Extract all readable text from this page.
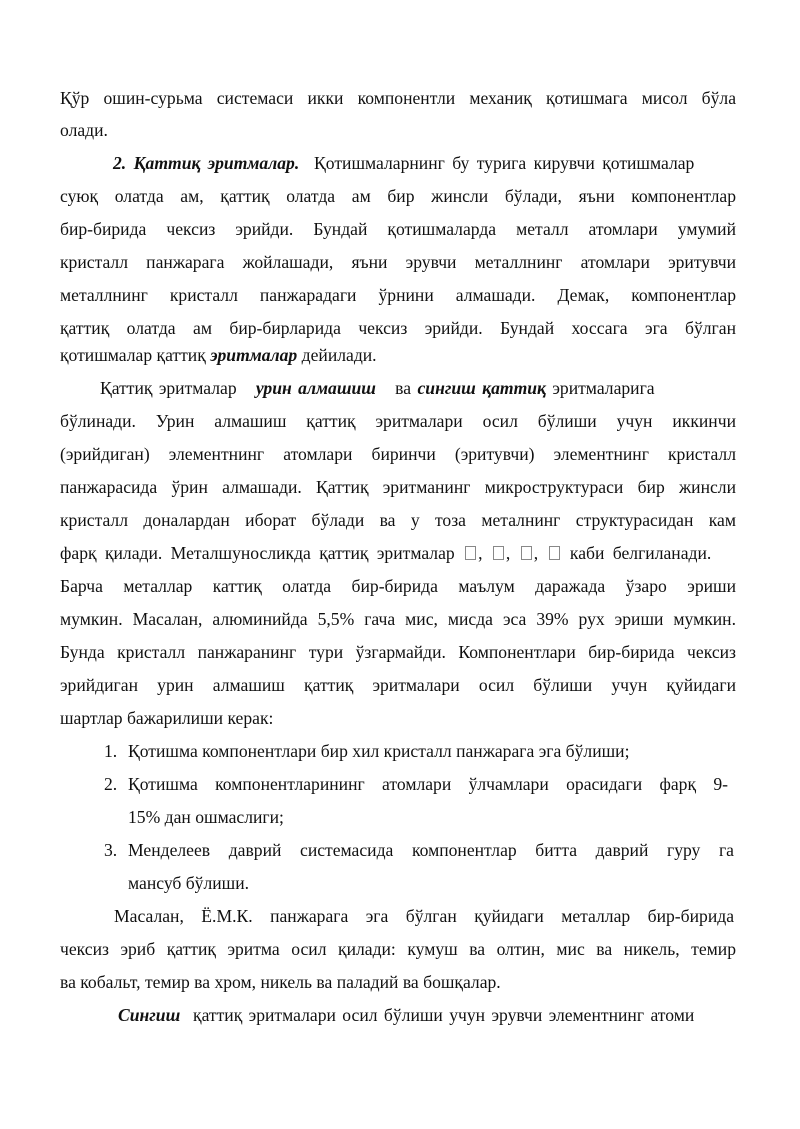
Қўр ошин-сурьма системаси икки компонентли механиқ қотишмага мисол бўла
олади.
2. Қаттиқ эритмалар. Қотишмаларнинг бу турига кирувчи қотишмалар
суюқ олатда ам, қаттиқ олатда ам бир жинсли бўлади, яъни компонентлар
бир-бирида чексиз эрийди. Бундай қотишмаларда металл атомлари умумий
кристалл панжарага жойлашади, яъни эрувчи металлнинг атомлари эритувчи
металлнинг кристалл панжарадаги ўрнини алмашади. Демак, компонентлар
қаттиқ олатда ам бир-бирларида чексиз эрийди. Бундай хоссага эга бўлган
қотишмалар қаттиқ эритмалар дейилади.
Қаттиқ эритмалар урин алмашиш ва сингиш қаттиқ эритмаларига
бўлинади. Урин алмашиш қаттиқ эритмалари осил бўлиши учун иккинчи
(эрийдиган) элементнинг атомлари биринчи (эритувчи) элементнинг кристалл
панжарасида ўрин алмашади. Қаттиқ эритманинг микроструктураси бир жинсли
кристалл доналардан иборат бўлади ва у тоза металнинг структурасидан кам
фарқ қилади. Металшуносликда қаттиқ эритмалар , , ,  каби белгиланади.
Барча металлар каттиқ олатда бир-бирида маълум даражада ўзаро эриши
мумкин. Масалан, алюминийда 5,5% гача мис, мисда эса 39% рух эриши мумкин.
Бунда кристалл панжаранинг тури ўзгармайди. Компонентлари бир-бирида чексиз
эрийдиган урин алмашиш қаттиқ эритмалари осил бўлиши учун қуйидаги
шартлар бажарилиши керак:
1. Қотишма компонентлари бир хил кристалл панжарага эга бўлиши;
2. Қотишма компонентларининг атомлари ўлчамлари орасидаги фарқ 9-
15% дан ошмаслиги;
3. Менделеев даврий системасида компонентлар битта даврий гуру га
мансуб бўлиши.
Масалан, Ё.М.К. панжарага эга бўлган қуйидаги металлар бир-бирида
чексиз эриб қаттиқ эритма осил қилади: кумуш ва олтин, мис ва никель, темир
ва кобальт, темир ва хром, никель ва паладий ва бошқалар.
Сингиш қаттиқ эритмалари осил бўлиши учун эрувчи элементнинг атоми
